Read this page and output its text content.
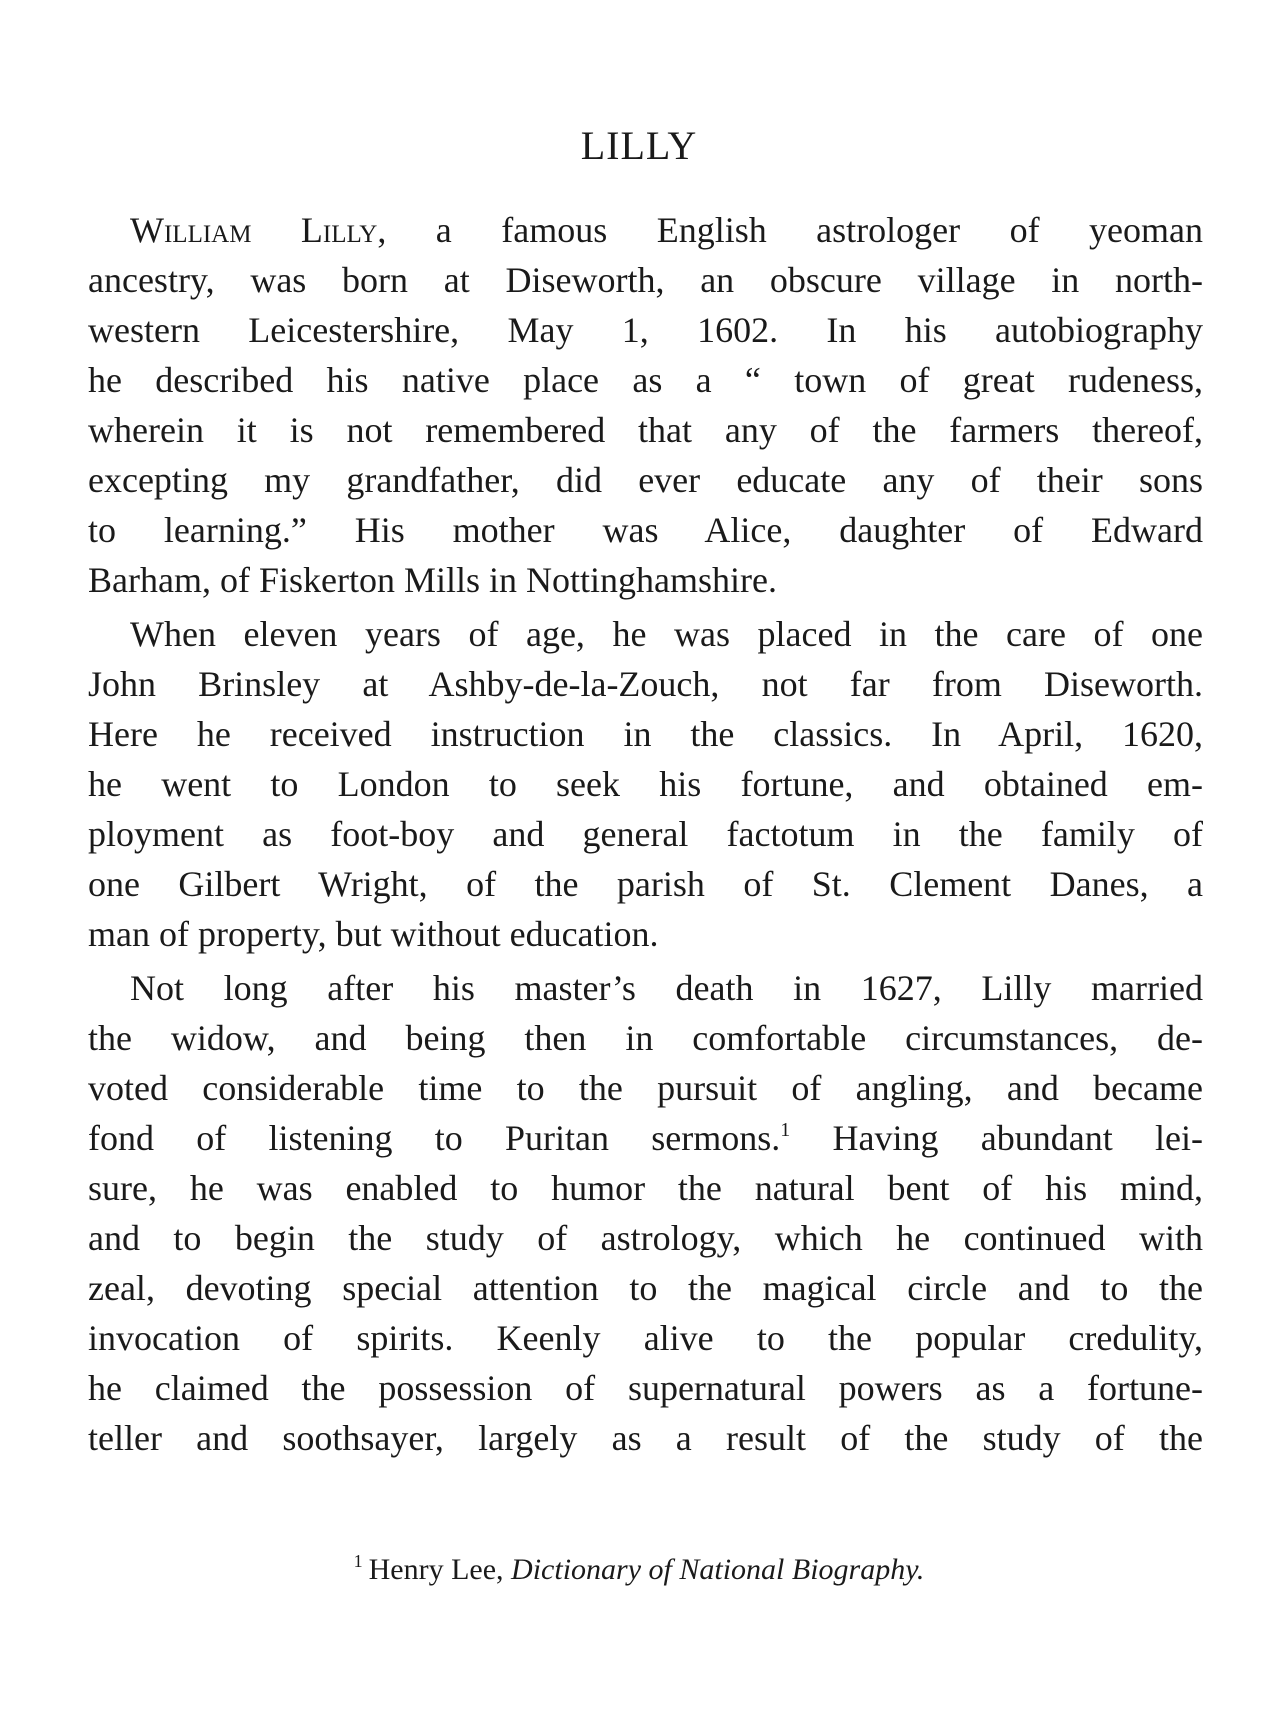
LILLY

William Lilly, a famous English astrologer of yeoman
ancestry, was born at Diseworth, an obscure village in north-
western Leicestershire, May 1, 1602. In his autobiography
he described his native place as a “ town of great rudeness,
wherein it is not remembered that any of the farmers thereof,
excepting my grandfather, did ever educate any of their sons
to learning.” His mother was Alice, daughter of Edward
Barham, of Fiskerton Mills in Nottinghamshire.

When eleven years of age, he was placed in the care of one
John Brinsley at Ashby-de-la-Zouch, not far from Diseworth.
Here he received instruction in the classics. In April, 1620,
he went to London to seek his fortune, and obtained em-
ployment as foot-boy and general factotum in the family of
one Gilbert Wright, of the parish of St. Clement Danes, a
man of property, but without education.

Not long after his master’s death in 1627, Lilly married
the widow, and being then in comfortable circumstances, de-
voted considerable time to the pursuit of angling, and became
fond of listening to Puritan sermons.$^1$ Having abundant lei-
sure, he was enabled to humor the natural bent of his mind,
and to begin the study of astrology, which he continued with
zeal, devoting special attention to the magical circle and to the
invocation of spirits. Keenly alive to the popular credulity,
he claimed the possession of supernatural powers as a fortune-
teller and soothsayer, largely as a result of the study of the

$^1$ Henry Lee, Dictionary of National Biography.
